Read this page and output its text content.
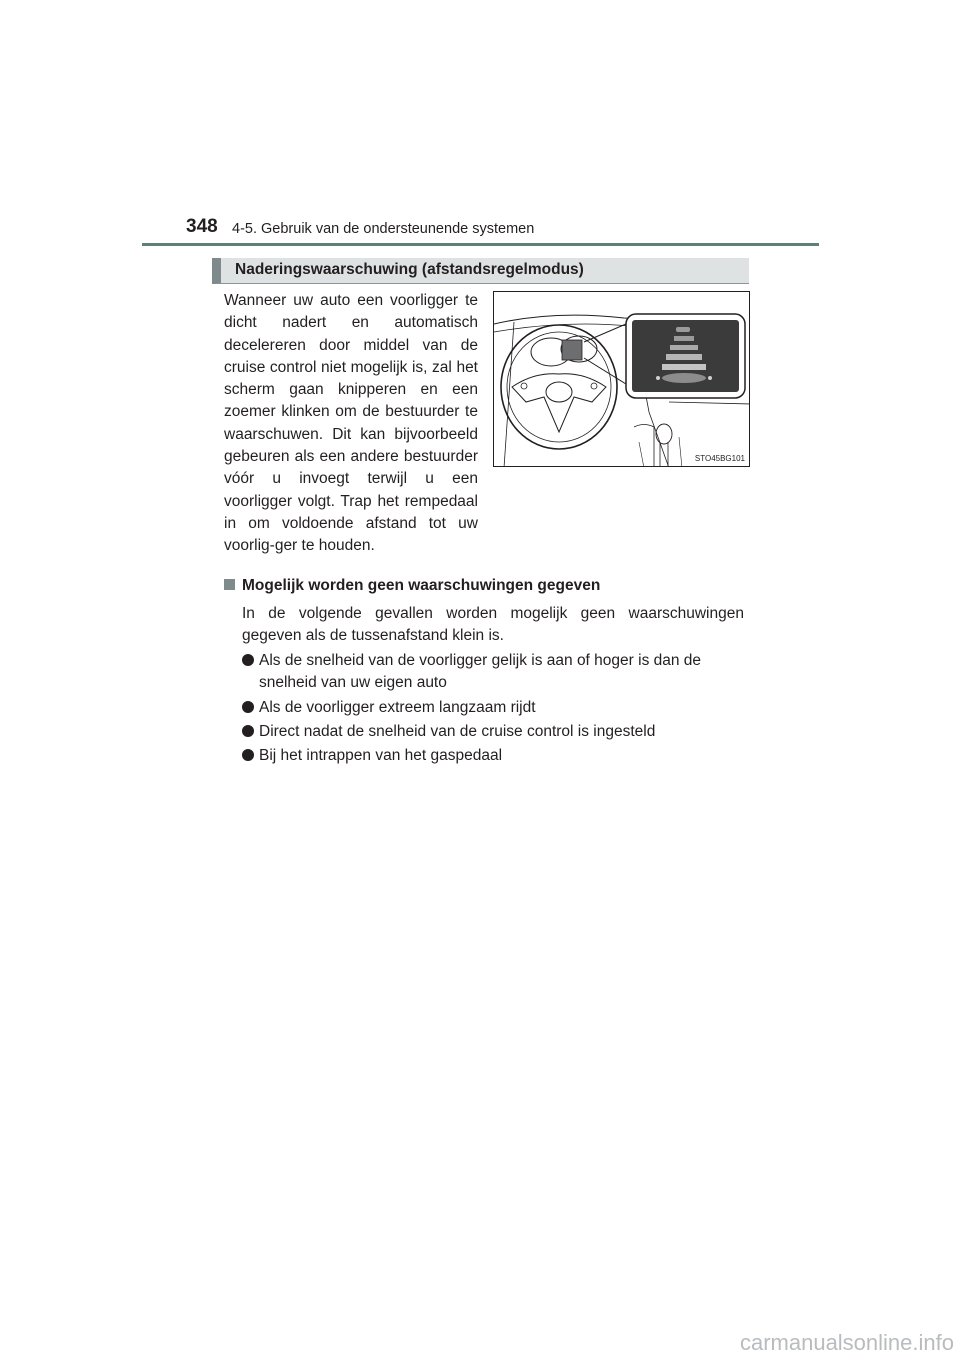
348 4-5. Gebruik van de ondersteunende systemen
Naderingswaarschuwing (afstandsregelmodus)

Wanneer uw auto een voorligger te dicht nadert en automatisch decelereren door middel van de cruise control niet mogelijk is, zal het scherm gaan knipperen en een zoemer klinken om de bestuurder te waarschuwen. Dit kan bijvoorbeeld gebeuren als een andere bestuurder vóór u invoegt terwijl u een voorligger volgt. Trap het rempedaal in om voldoende afstand tot uw voorlig-ger te houden.

STO45BG101
Mogelijk worden geen waarschuwingen gegeven

In de volgende gevallen worden mogelijk geen waarschuwingen gegeven als de tussenafstand klein is.

Als de snelheid van de voorligger gelijk is aan of hoger is dan de snelheid van uw eigen auto
Als de voorligger extreem langzaam rijdt
Direct nadat de snelheid van de cruise control is ingesteld
Bij het intrappen van het gaspedaal
carmanualsonline.info
